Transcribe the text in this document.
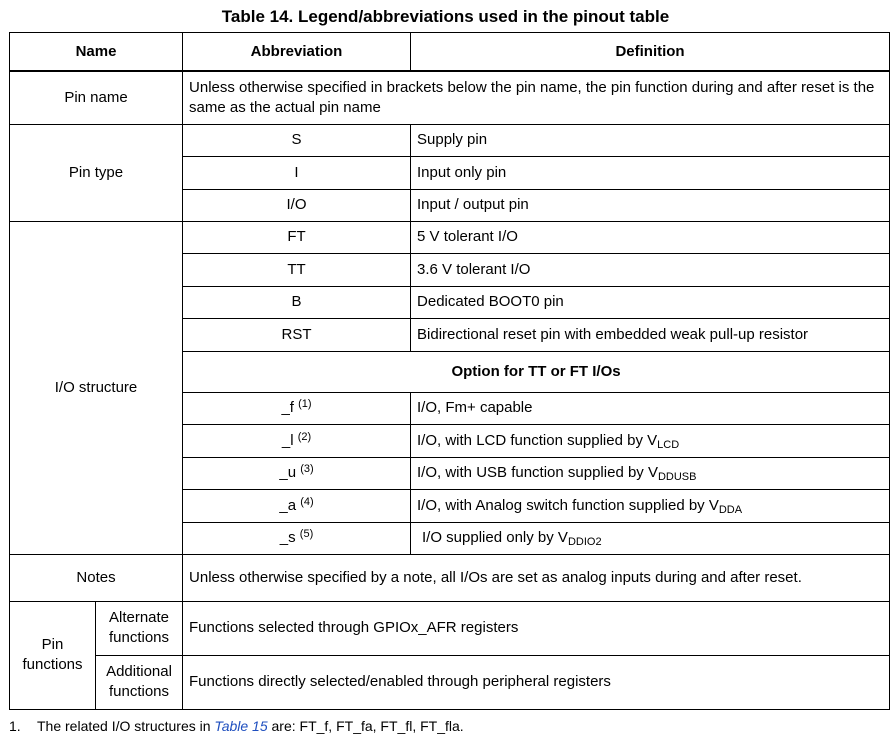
Table 14. Legend/abbreviations used in the pinout table
Name		Abbreviation	Definition
Pin name		Unless otherwise specified in brackets below the pin name, the pin function during and after reset is the same as the actual pin name	
Pin type		S	Supply pin
		I	Input only pin
		I/O	Input / output pin
I/O structure		FT	5 V tolerant I/O
		TT	3.6 V tolerant I/O
		B	Dedicated BOOT0 pin
		RST	Bidirectional reset pin with embedded weak pull-up resistor
		Option for TT or FT I/Os	
		_f $^{(1)}$	I/O, Fm+ capable
		_l $^{(2)}$	I/O, with LCD function supplied by $V_{LCD}$
		_u $^{(3)}$	I/O, with USB function supplied by $V_{DDUSB}$
		_a $^{(4)}$	I/O, with Analog switch function supplied by $V_{DDA}$
		_s $^{(5)}$	I/O supplied only by $V_{DDIO2}$
Notes		Unless otherwise specified by a note, all I/Os are set as analog inputs during and after reset.	
Pin functions	Alternate functions	Functions selected through GPIOx_AFR registers	
	Additional functions	Functions directly selected/enabled through peripheral registers	
1. The related I/O structures in Table 15 are: FT_f, FT_fa, FT_fl, FT_fla.
